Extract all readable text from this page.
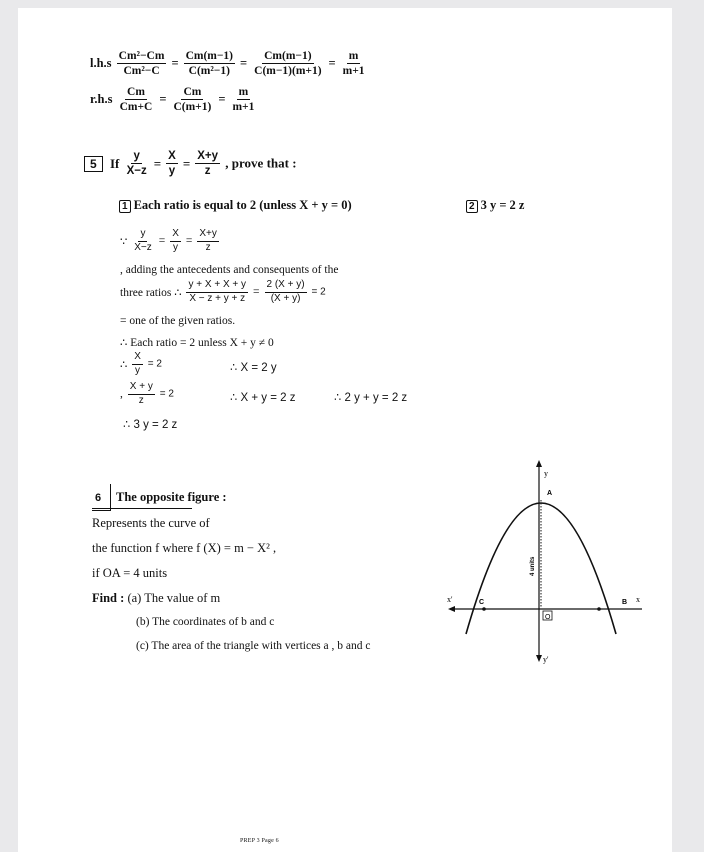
$l.h.s \frac{\text{Cm²−Cm}}{\text{Cm²−C}} = \frac{Cm(m-1)}{\text{C(m²−1)}} = \frac{Cm(m-1)}{C(m-1)(m+1)} = \frac{m}{m+1}$
$r.h.s \frac{Cm}{Cm+C} = \frac{Cm}{C(m+1)} = \frac{m}{m+1}$
5 If $\frac{y}{X-z} = \frac{X}{y} = \frac{X+y}{z}$ , prove that :
1 Each ratio is equal to 2 (unless X + y = 0)	2 3 y = 2 z
∵ $\frac{y}{X-z} = \frac{X}{y} = \frac{X+y}{z}$
, adding the antecedents and consequents of the
three ratios ∴ $\frac{y + X + X + y}{X - z + y + z} = \frac{2 (X + y)}{(X + y)} = 2$
= one of the given ratios.
∴ Each ratio = 2 unless X + y ≠ 0
∴ $\frac{X}{y} = 2$	∴ X = 2 y
, $\frac{X + y}{z} = 2$	∴ X + y = 2 z	∴ 2 y + y = 2 z
∴ 3 y = 2 z
6 The opposite figure :
Represents the curve of
the function f where f (X) = m − X² ,
if OA = 4 units
Find : (a) The value of m
(b) The coordinates of b and c
(c) The area of the triangle with vertices a , b and c
y
y'
x'	x
A
C	B
O
4 units
PREP 3 Page 6
